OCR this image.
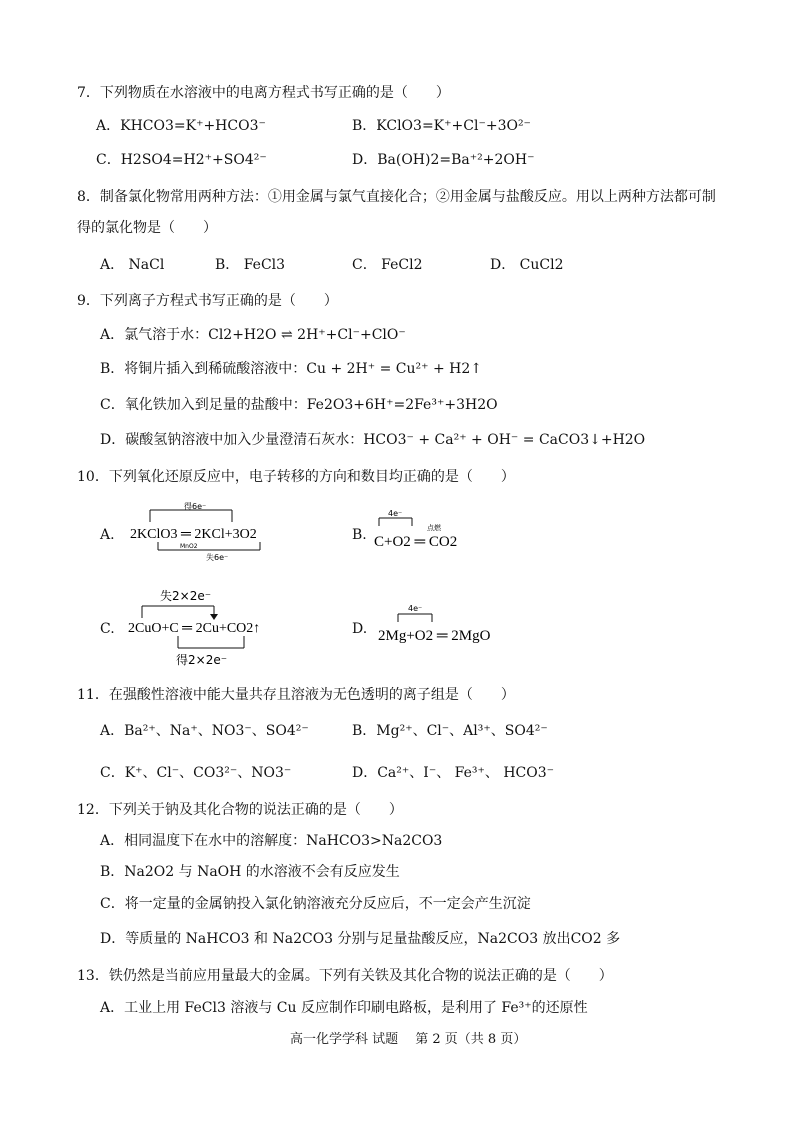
7．下列物质在水溶液中的电离方程式书写正确的是（　　）
A．KHCO3=K⁺+HCO3⁻	B．KClO3=K⁺+Cl⁻+3O²⁻
C．H2SO4=H2⁺+SO4²⁻	D．Ba(OH)2=Ba⁺²+2OH⁻
8．制备氯化物常用两种方法：①用金属与氯气直接化合；②用金属与盐酸反应。用以上两种方法都可制
得的氯化物是（　　）
A． NaCl	B． FeCl3	C． FeCl2	D． CuCl2
9．下列离子方程式书写正确的是（　　）
A．氯气溶于水：Cl2+H2O ⇌ 2H⁺+Cl⁻+ClO⁻
B．将铜片插入到稀硫酸溶液中：Cu + 2H⁺ = Cu²⁺ + H2↑
C．氧化铁加入到足量的盐酸中：Fe2O3+6H⁺=2Fe³⁺+3H2O
D．碳酸氢钠溶液中加入少量澄清石灰水：HCO3⁻ + Ca²⁺ + OH⁻ = CaCO3↓+H2O
10．下列氧化还原反应中，电子转移的方向和数目均正确的是（　　）
A.
得6e⁻
2KClO3 ═ 2KCl+3O2
MnO2
失6e⁻
B.
4e⁻
点燃
C+O2 ═ CO2
C.
失2×2e⁻
2CuO+C ═ 2Cu+CO2↑
得2×2e⁻
D.
4e⁻
2Mg+O2 ═ 2MgO
11．在强酸性溶液中能大量共存且溶液为无色透明的离子组是（　　）
A．Ba²⁺、Na⁺、NO3⁻、SO4²⁻	B．Mg²⁺、Cl⁻、Al³⁺、SO4²⁻
C．K⁺、Cl⁻、CO3²⁻、NO3⁻	D．Ca²⁺、I⁻、 Fe³⁺、 HCO3⁻
12．下列关于钠及其化合物的说法正确的是（　　）
A．相同温度下在水中的溶解度：NaHCO3>Na2CO3
B．Na2O2 与 NaOH 的水溶液不会有反应发生
C．将一定量的金属钠投入氯化钠溶液充分反应后，不一定会产生沉淀
D．等质量的 NaHCO3 和 Na2CO3 分别与足量盐酸反应，Na2CO3 放出CO2 多
13．铁仍然是当前应用量最大的金属。下列有关铁及其化合物的说法正确的是（　　）
A．工业上用 FeCl3 溶液与 Cu 反应制作印刷电路板，是利用了 Fe³⁺的还原性
高一化学学科 试题　 第 2 页（共 8 页）
